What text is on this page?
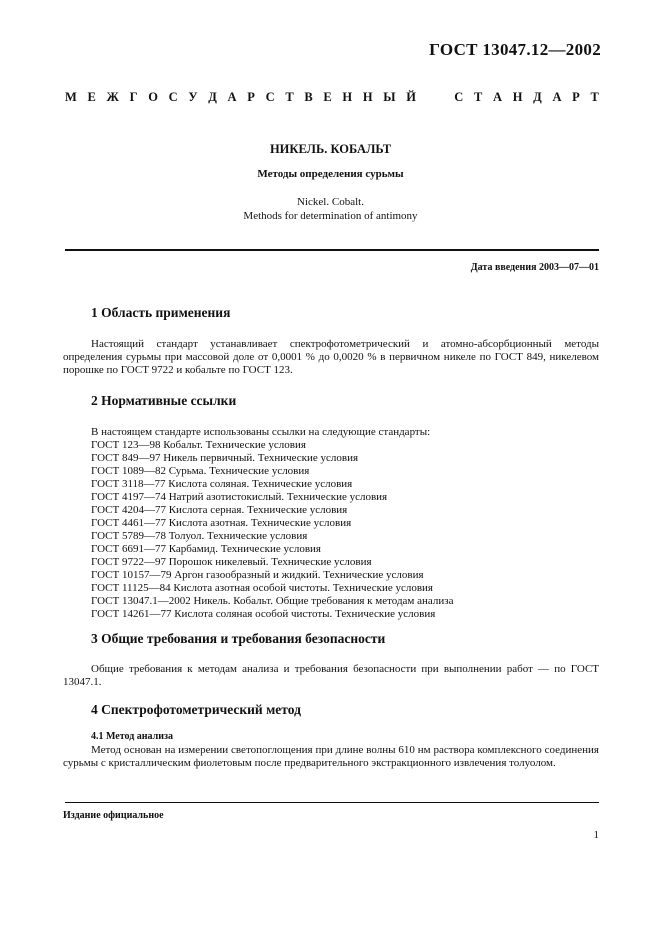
ГОСТ 13047.12—2002
М Е Ж Г О С У Д А Р С Т В Е Н Н Ы Й

	С Т А Н Д А Р Т
НИКЕЛЬ. КОБАЛЬТ
Методы определения сурьмы
Nickel. Cobalt.
Methods for determination of antimony
Дата введения 2003—07—01
1 Область применения
Настоящий стандарт устанавливает спектрофотометрический и атомно-абсорбционный методы определения сурьмы при массовой доле от 0,0001 % до 0,0020 % в первичном никеле по ГОСТ 849, никелевом порошке по ГОСТ 9722 и кобальте по ГОСТ 123.
2 Нормативные ссылки
В настоящем стандарте использованы ссылки на следующие стандарты:
ГОСТ 123—98 Кобальт. Технические условия
ГОСТ 849—97 Никель первичный. Технические условия
ГОСТ 1089—82 Сурьма. Технические условия
ГОСТ 3118—77 Кислота соляная. Технические условия
ГОСТ 4197—74 Натрий азотистокислый. Технические условия
ГОСТ 4204—77 Кислота серная. Технические условия
ГОСТ 4461—77 Кислота азотная. Технические условия
ГОСТ 5789—78 Толуол. Технические условия
ГОСТ 6691—77 Карбамид. Технические условия
ГОСТ 9722—97 Порошок никелевый. Технические условия
ГОСТ 10157—79 Аргон газообразный и жидкий. Технические условия
ГОСТ 11125—84 Кислота азотная особой чистоты. Технические условия
ГОСТ 13047.1—2002 Никель. Кобальт. Общие требования к методам анализа
ГОСТ 14261—77 Кислота соляная особой чистоты. Технические условия
3 Общие требования и требования безопасности
Общие требования к методам анализа и требования безопасности при выполнении работ — по ГОСТ 13047.1.
4 Спектрофотометрический метод
4.1 Метод анализа
Метод основан на измерении светопоглощения при длине волны 610 нм раствора комплексного соединения сурьмы с кристаллическим фиолетовым после предварительного экстракционного извлечения толуолом.
Издание официальное
1
